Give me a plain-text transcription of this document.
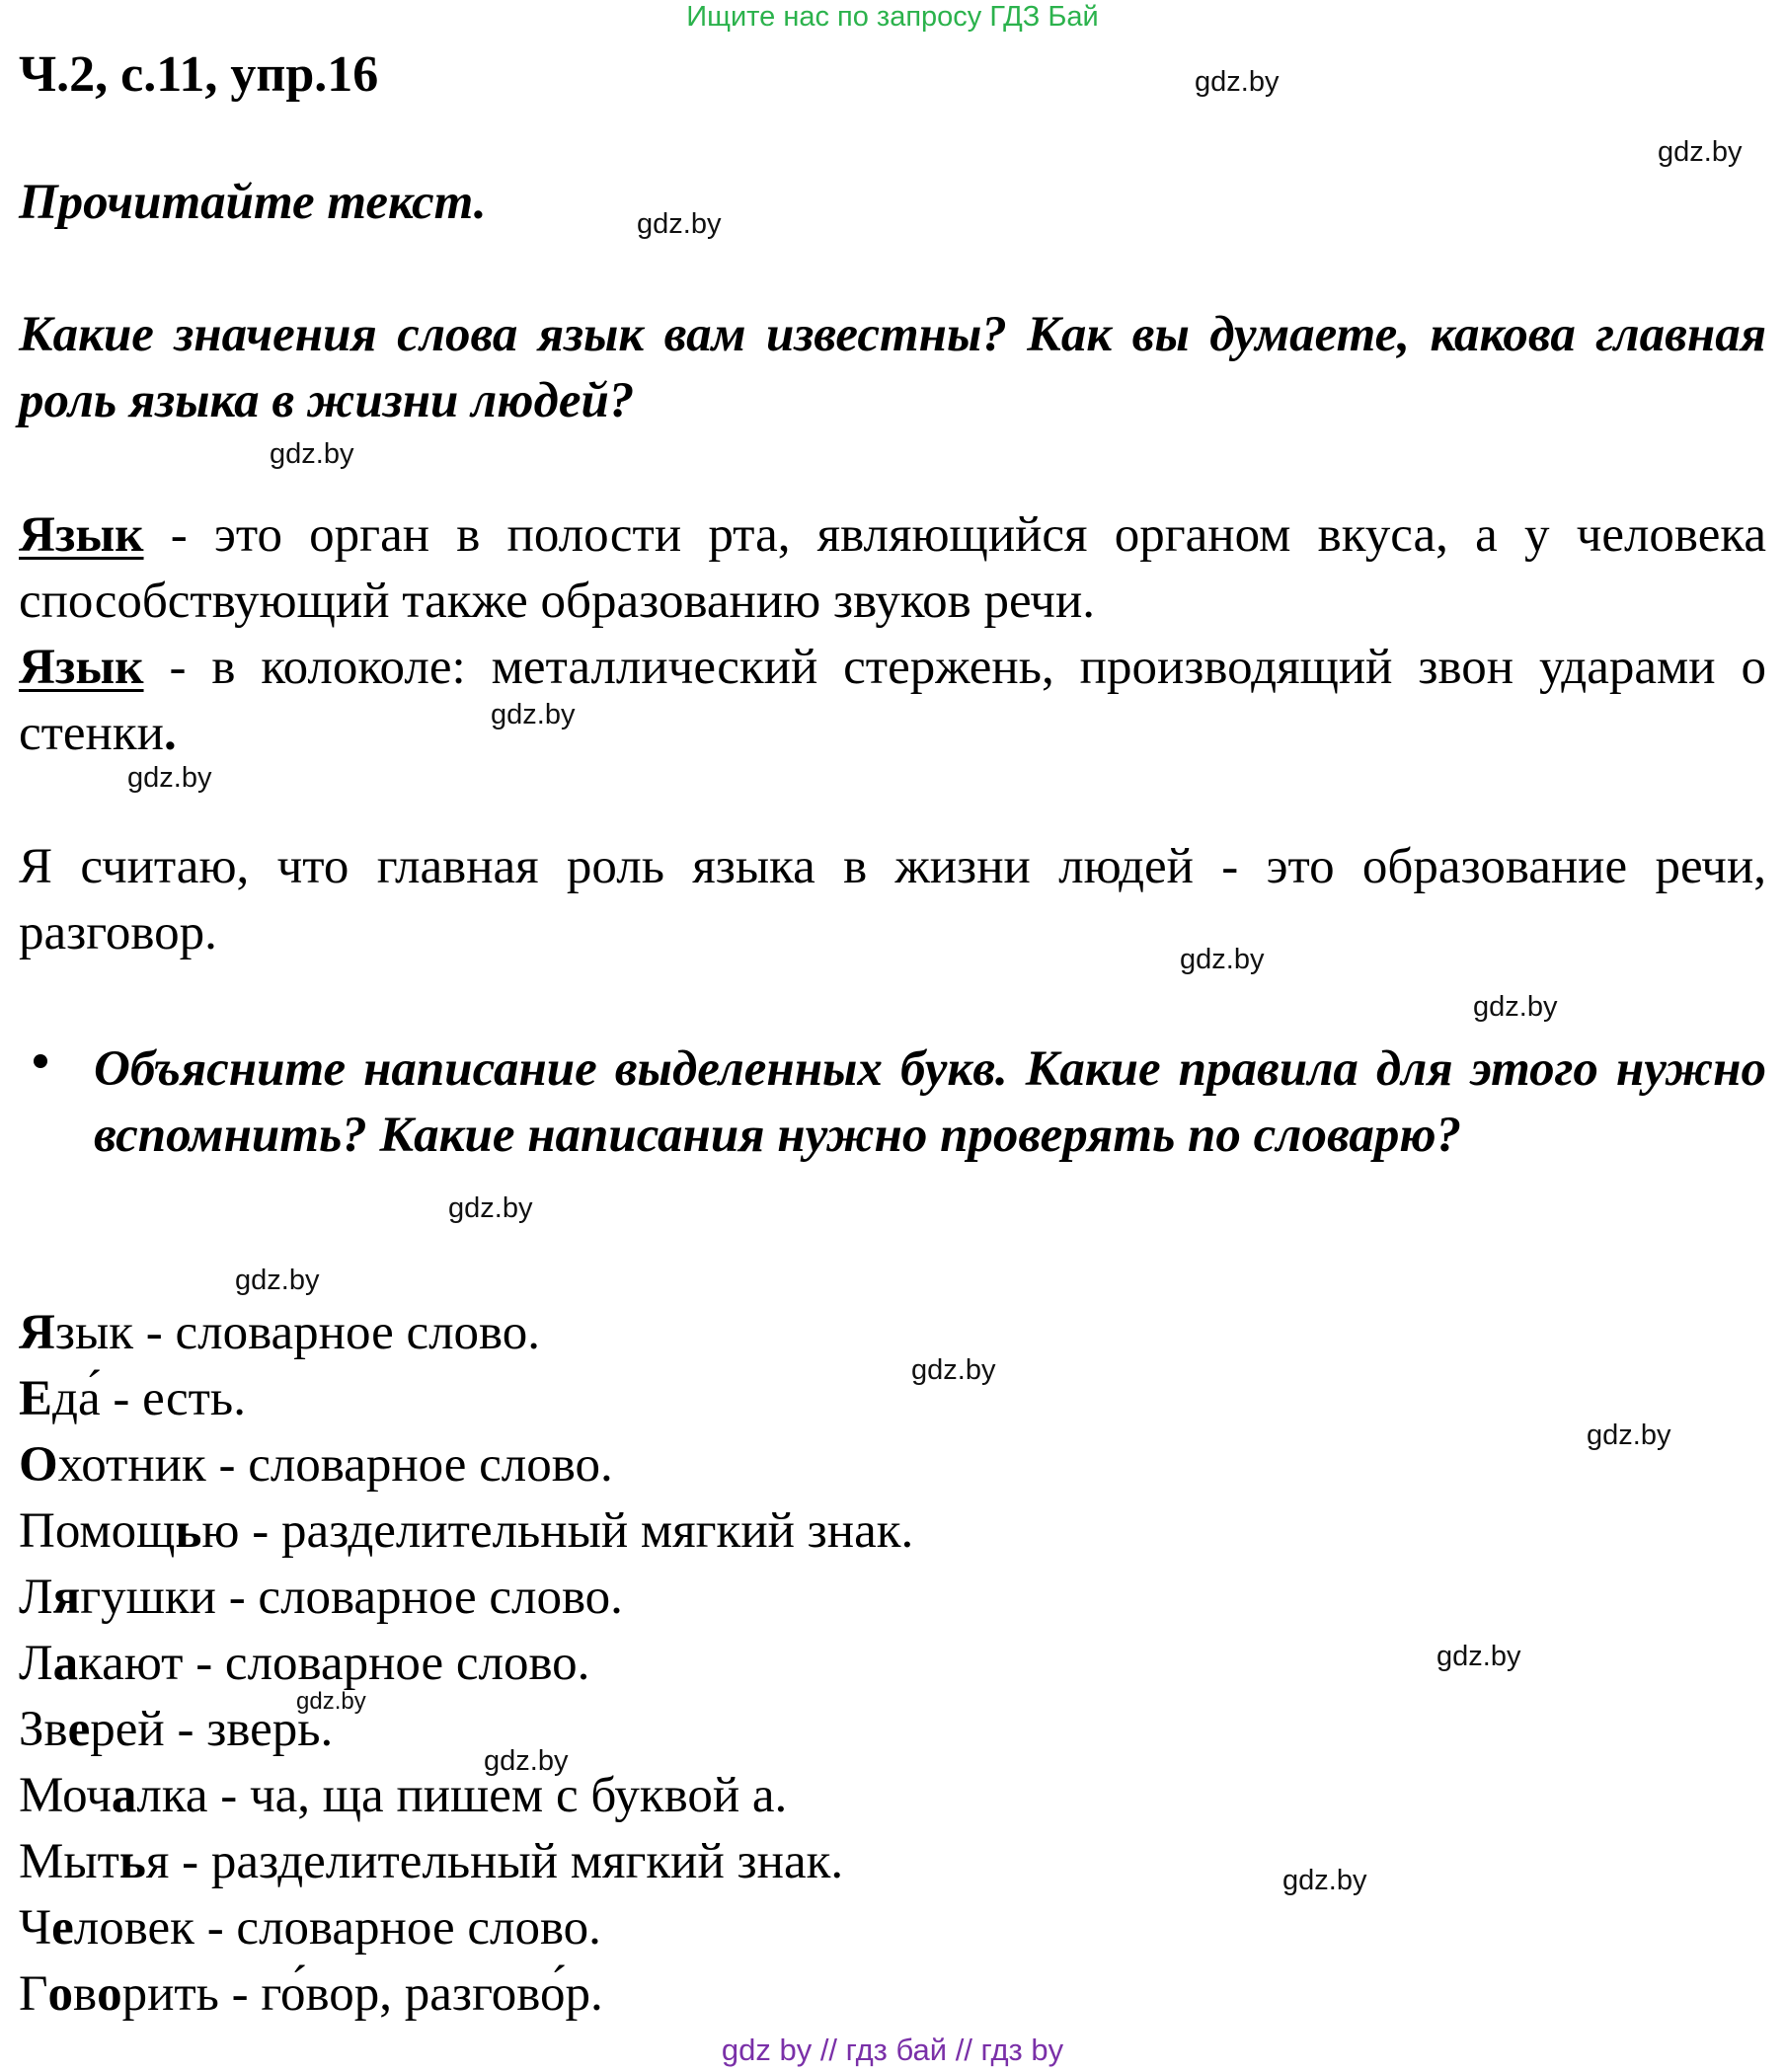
Ищите нас по запросу ГДЗ Бай
Ч.2, с.11, упр.16
Прочитайте текст.
Какие значения слова язык вам известны? Как вы думаете, какова главная роль языка в жизни людей?
Язык - это орган в полости рта, являющийся органом вкуса, а у человека способствующий также образованию звуков речи.
Язык - в колоколе: металлический стержень, производящий звон ударами о стенки.
Я считаю, что главная роль языка в жизни людей - это образование речи, разговор.
Объясните написание выделенных букв. Какие правила для этого нужно вспомнить? Какие написания нужно проверять по словарю?
Язык - словарное слово.
Еда́ - есть.
Охотник - словарное слово.
Помощью - разделительный мягкий знак.
Лягушки - словарное слово.
Лакают - словарное слово.
Зверей - зверь.
Мочалка - ча, ща пишем с буквой а.
Мытья - разделительный мягкий знак.
Человек - словарное слово.
Говорить - го́вор, разгово́р.
gdz.by
gdz.by
gdz.by
gdz.by
gdz.by
gdz.by
gdz.by
gdz.by
gdz.by
gdz.by
gdz.by
gdz.by
gdz.by
gdz.by
gdz.by
gdz.by
gdz by // гдз бай // гдз by
